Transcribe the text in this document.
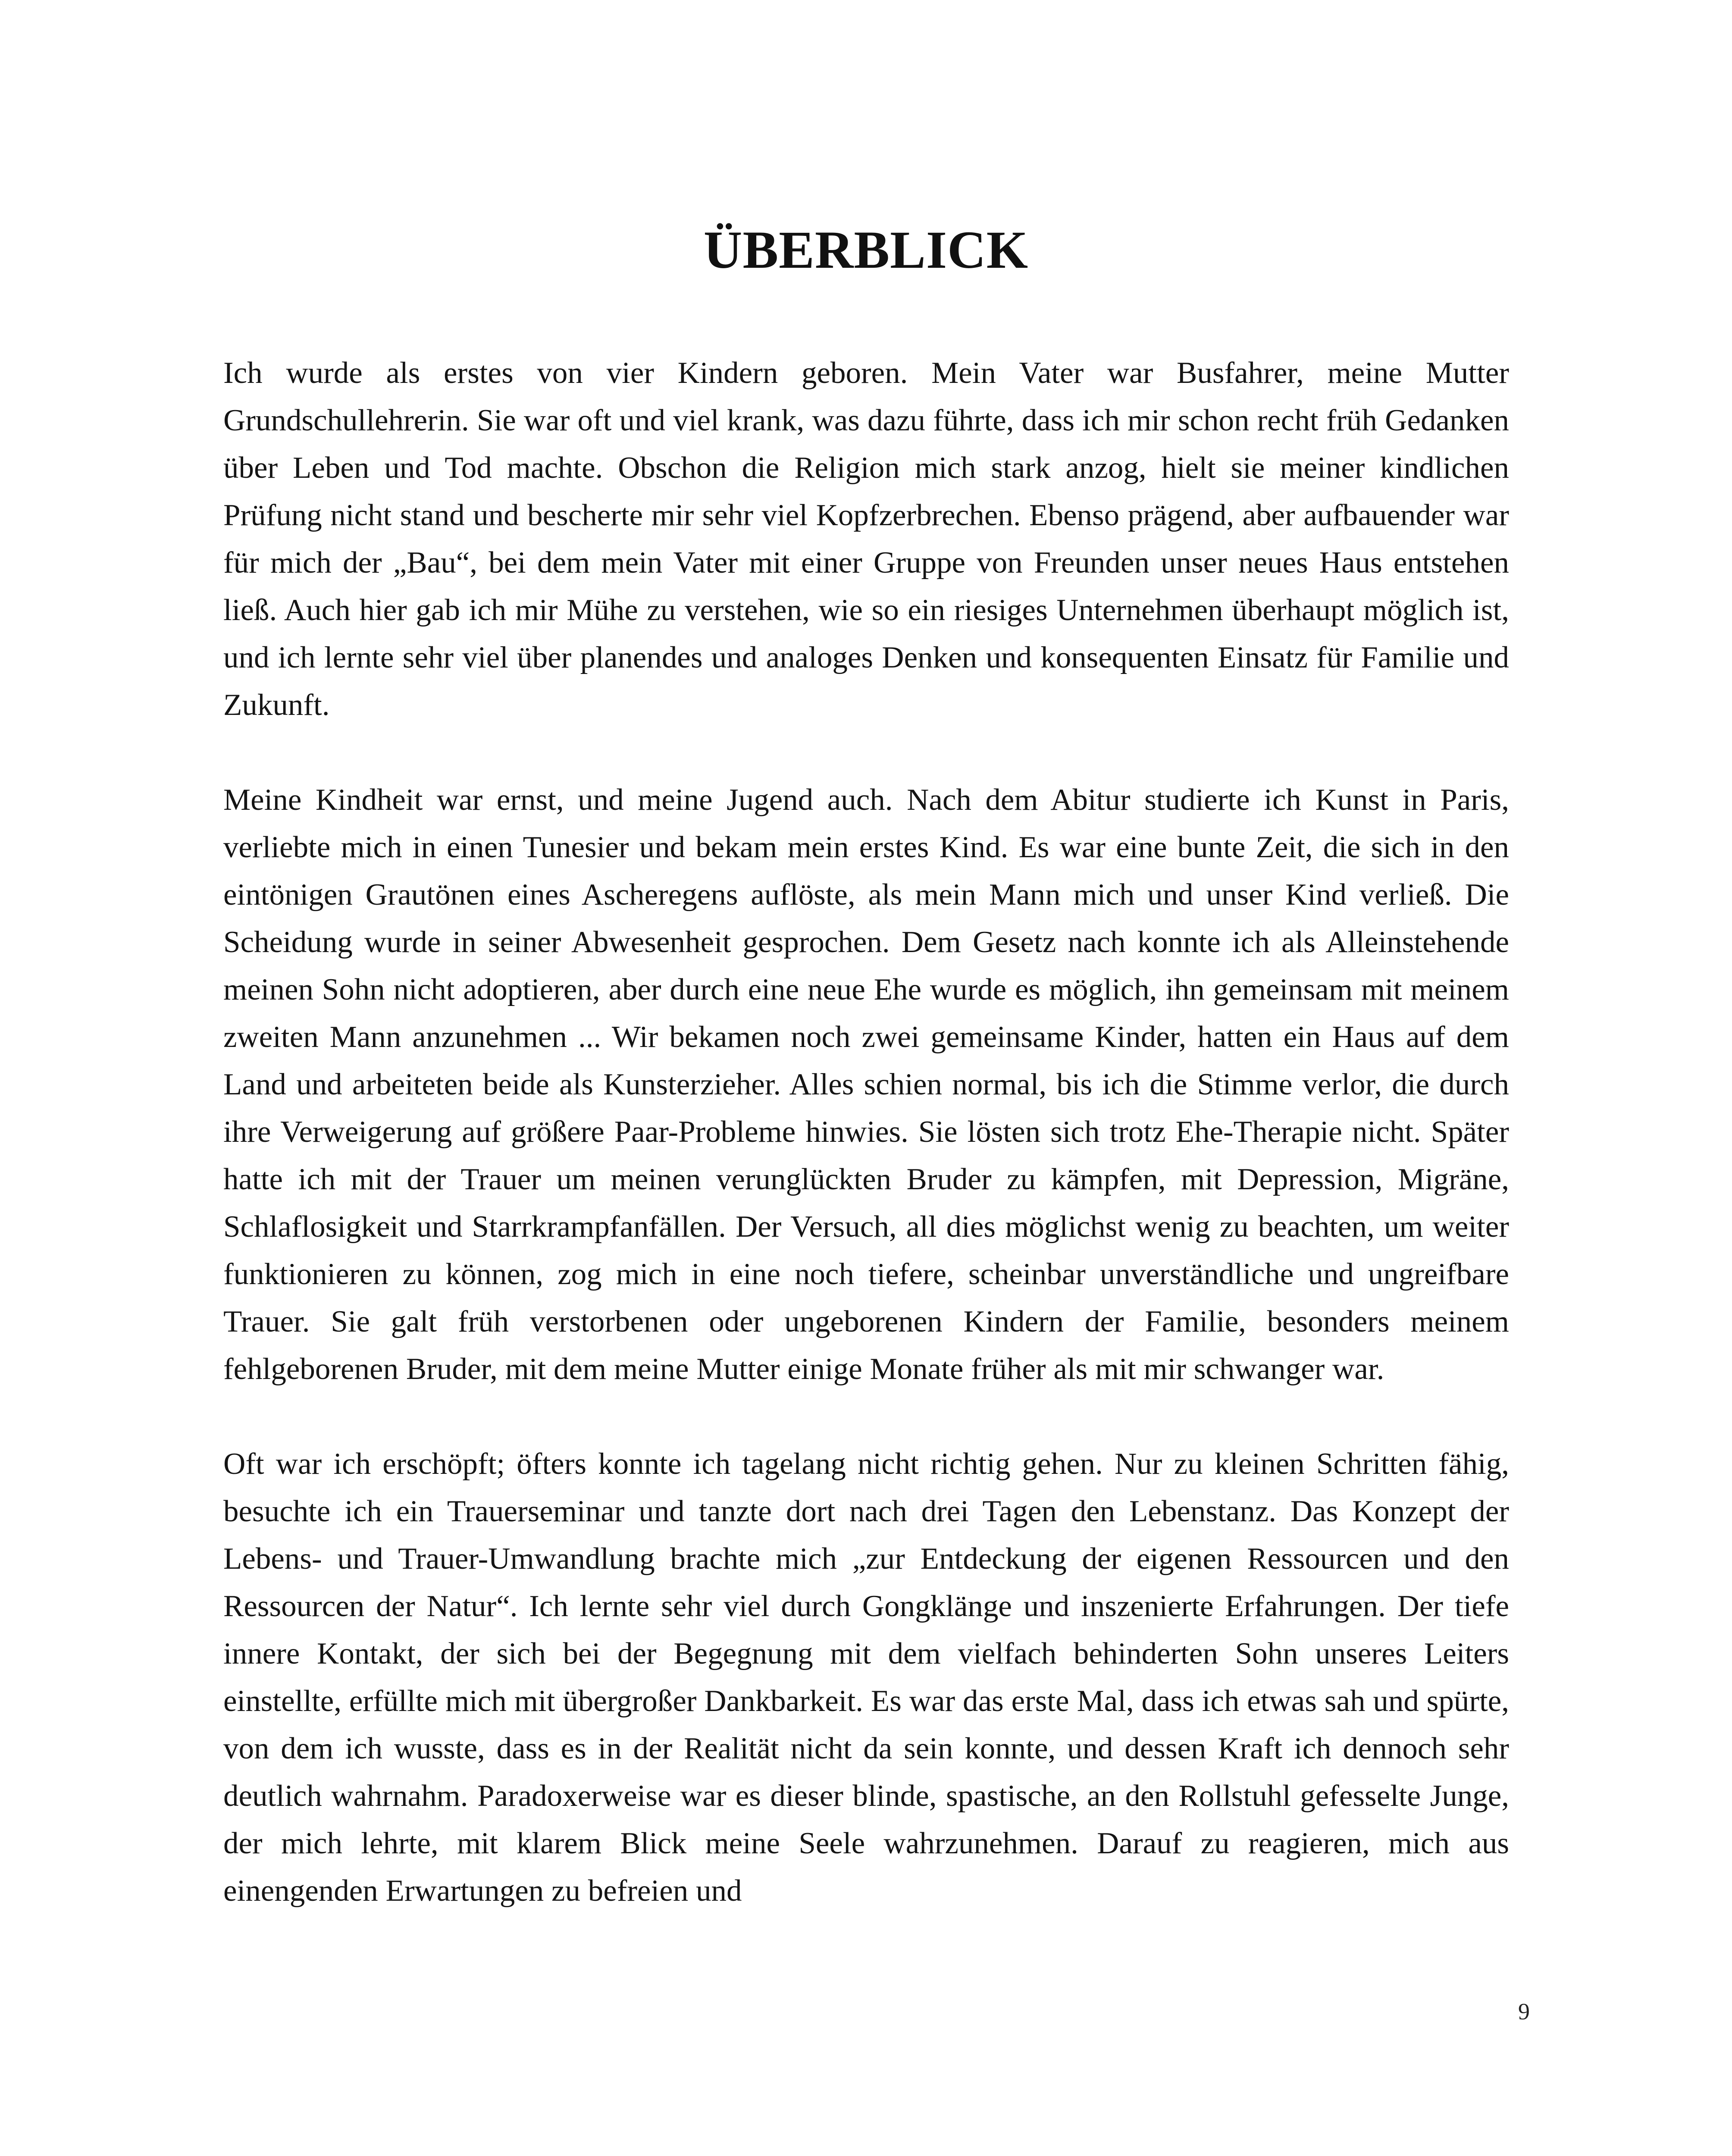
ÜBERBLICK

Ich wurde als erstes von vier Kindern geboren. Mein Vater war Busfahrer, meine Mutter Grundschullehrerin. Sie war oft und viel krank, was dazu führte, dass ich mir schon recht früh Gedanken über Leben und Tod machte. Obschon die Religion mich stark anzog, hielt sie meiner kindlichen Prüfung nicht stand und bescherte mir sehr viel Kopfzerbrechen. Ebenso prägend, aber aufbauender war für mich der „Bau“, bei dem mein Vater mit einer Gruppe von Freunden unser neues Haus entstehen ließ. Auch hier gab ich mir Mühe zu verstehen, wie so ein riesiges Unternehmen überhaupt möglich ist, und ich lernte sehr viel über planendes und analoges Denken und konsequenten Einsatz für Familie und Zukunft.

Meine Kindheit war ernst, und meine Jugend auch. Nach dem Abitur studierte ich Kunst in Paris, verliebte mich in einen Tunesier und bekam mein erstes Kind. Es war eine bunte Zeit, die sich in den eintönigen Grautönen eines Ascheregens auflöste, als mein Mann mich und unser Kind verließ. Die Scheidung wurde in seiner Abwesenheit gesprochen. Dem Gesetz nach konnte ich als Alleinstehende meinen Sohn nicht adoptieren, aber durch eine neue Ehe wurde es möglich, ihn gemeinsam mit meinem zweiten Mann anzunehmen ... Wir bekamen noch zwei gemeinsame Kinder, hatten ein Haus auf dem Land und arbeiteten beide als Kunsterzieher. Alles schien normal, bis ich die Stimme verlor, die durch ihre Verweigerung auf größere Paar-Probleme hinwies. Sie lösten sich trotz Ehe-Therapie nicht. Später hatte ich mit der Trauer um meinen verunglückten Bruder zu kämpfen, mit Depression, Migräne, Schlaflosigkeit und Starrkrampfanfällen. Der Versuch, all dies möglichst wenig zu beachten, um weiter funktionieren zu können, zog mich in eine noch tiefere, scheinbar unverständliche und ungreifbare Trauer. Sie galt früh verstorbenen oder ungeborenen Kindern der Familie, besonders meinem fehlgeborenen Bruder, mit dem meine Mutter einige Monate früher als mit mir schwanger war.

Oft war ich erschöpft; öfters konnte ich tagelang nicht richtig gehen. Nur zu kleinen Schritten fähig, besuchte ich ein Trauerseminar und tanzte dort nach drei Tagen den Lebenstanz. Das Konzept der Lebens- und Trauer-Umwandlung brachte mich „zur Entdeckung der eigenen Ressourcen und den Ressourcen der Natur“. Ich lernte sehr viel durch Gongklänge und inszenierte Erfahrungen. Der tiefe innere Kontakt, der sich bei der Begegnung mit dem vielfach behinderten Sohn unseres Leiters einstellte, erfüllte mich mit übergroßer Dankbarkeit. Es war das erste Mal, dass ich etwas sah und spürte, von dem ich wusste, dass es in der Realität nicht da sein konnte, und dessen Kraft ich dennoch sehr deutlich wahrnahm. Paradoxerweise war es dieser blinde, spastische, an den Rollstuhl gefesselte Junge, der mich lehrte, mit klarem Blick meine Seele wahrzunehmen. Darauf zu reagieren, mich aus einengenden Erwartungen zu befreien und

9
